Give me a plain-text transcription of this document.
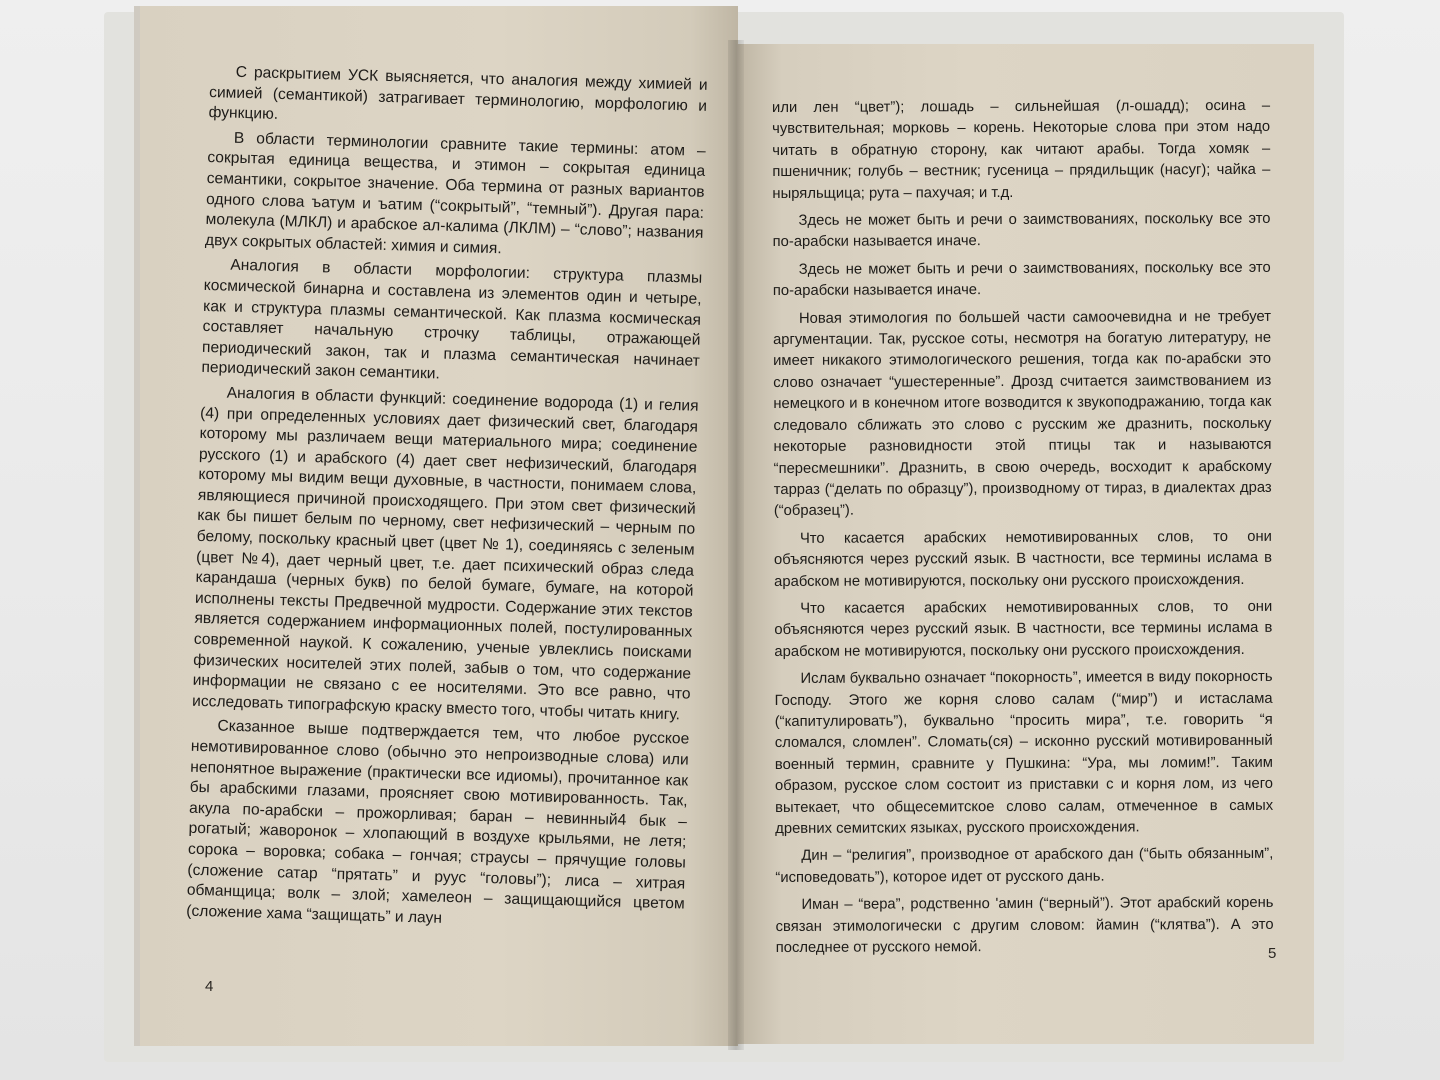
С раскрытием УСК выясняется, что аналогия между химией и симией (семантикой) затрагивает терминологию, морфологию и функцию.

В области терминологии сравните такие термины: атом – сокрытая единица вещества, и этимон – сокрытая единица семантики, сокрытое значение. Оба термина от разных вариантов одного слова ъатум и ъатим (“сокрытый”, “темный”). Другая пара: молекула (МЛКЛ) и арабское ал-калима (ЛКЛМ) – “слово”; названия двух сокрытых областей: химия и симия.

Аналогия в области морфологии: структура плазмы космической бинарна и составлена из элементов один и четыре, как и структура плазмы семантической. Как плазма космическая составляет начальную строчку таблицы, отражающей периодический закон, так и плазма семантическая начинает периодический закон семантики.

Аналогия в области функций: соединение водорода (1) и гелия (4) при определенных условиях дает физический свет, благодаря которому мы различаем вещи материального мира; соединение русского (1) и арабского (4) дает свет нефизический, благодаря которому мы видим вещи духовные, в частности, понимаем слова, являющиеся причиной происходящего. При этом свет физический как бы пишет белым по черному, свет нефизический – черным по белому, поскольку красный цвет (цвет № 1), соединяясь с зеленым (цвет №4), дает черный цвет, т.е. дает психический образ следа карандаша (черных букв) по белой бумаге, бумаге, на которой исполнены тексты Предвечной мудрости. Содержание этих текстов является содержанием информационных полей, постулированных современной наукой. К сожалению, ученые увлеклись поисками физических носителей этих полей, забыв о том, что содержание информации не связано с ее носителями. Это все равно, что исследовать типографскую краску вместо того, чтобы читать книгу.

Сказанное выше подтверждается тем, что любое русское немотивированное слово (обычно это непроизводные слова) или непонятное выражение (практически все идиомы), прочитанное как бы арабскими глазами, проясняет свою мотивированность. Так, акула по-арабски – прожорливая; баран – невинный4 бык – рогатый; жаворонок – хлопающий в воздухе крыльями, не летя; сорока – воровка; собака – гончая; страусы – прячущие головы (сложение сатар “прятать” и руус “головы”); лиса – хитрая обманщица; волк – злой; хамелеон – защищающийся цветом (сложение хама “защищать” и лаун

или лен “цвет”); лошадь – сильнейшая (л-ошадд); осина – чувствительная; морковь – корень. Некоторые слова при этом надо читать в обратную сторону, как читают арабы. Тогда хомяк – пшеничник; голубь – вестник; гусеница – прядильщик (насуг); чайка – ныряльщица; рута – пахучая; и т.д.

Здесь не может быть и речи о заимствованиях, поскольку все это по-арабски называется иначе.

Здесь не может быть и речи о заимствованиях, поскольку все это по-арабски называется иначе.

Новая этимология по большей части самоочевидна и не требует аргументации. Так, русское соты, несмотря на богатую литературу, не имеет никакого этимологического решения, тогда как по-арабски это слово означает “ушестеренные”. Дрозд считается заимствованием из немецкого и в конечном итоге возводится к звукоподражанию, тогда как следовало сближать это слово с русским же дразнить, поскольку некоторые разновидности этой птицы так и называются “пересмешники”. Дразнить, в свою очередь, восходит к арабскому тарраз (“делать по образцу”), производному от тираз, в диалектах драз (“образец”).

Что касается арабских немотивированных слов, то они объясняются через русский язык. В частности, все термины ислама в арабском не мотивируются, поскольку они русского происхождения.

Что касается арабских немотивированных слов, то они объясняются через русский язык. В частности, все термины ислама в арабском не мотивируются, поскольку они русского происхождения.

Ислам буквально означает “покорность”, имеется в виду покорность Господу. Этого же корня слово салам (“мир”) и истаслама (“капитулировать”), буквально “просить мира”, т.е. говорить “я сломался, сломлен”. Сломать(ся) – исконно русский мотивированный военный термин, сравните у Пушкина: “Ура, мы ломим!”. Таким образом, русское слом состоит из приставки с и корня лом, из чего вытекает, что общесемитское слово салам, отмеченное в самых древних семитских языках, русского происхождения.

Дин – “религия”, производное от арабского дан (“быть обязанным”, “исповедовать”), которое идет от русского дань.

Иман – “вера”, родственно ʹамин (“верный”). Этот арабский корень связан этимологически с другим словом: йамин (“клятва”). А это последнее от русского немой.

4
5
